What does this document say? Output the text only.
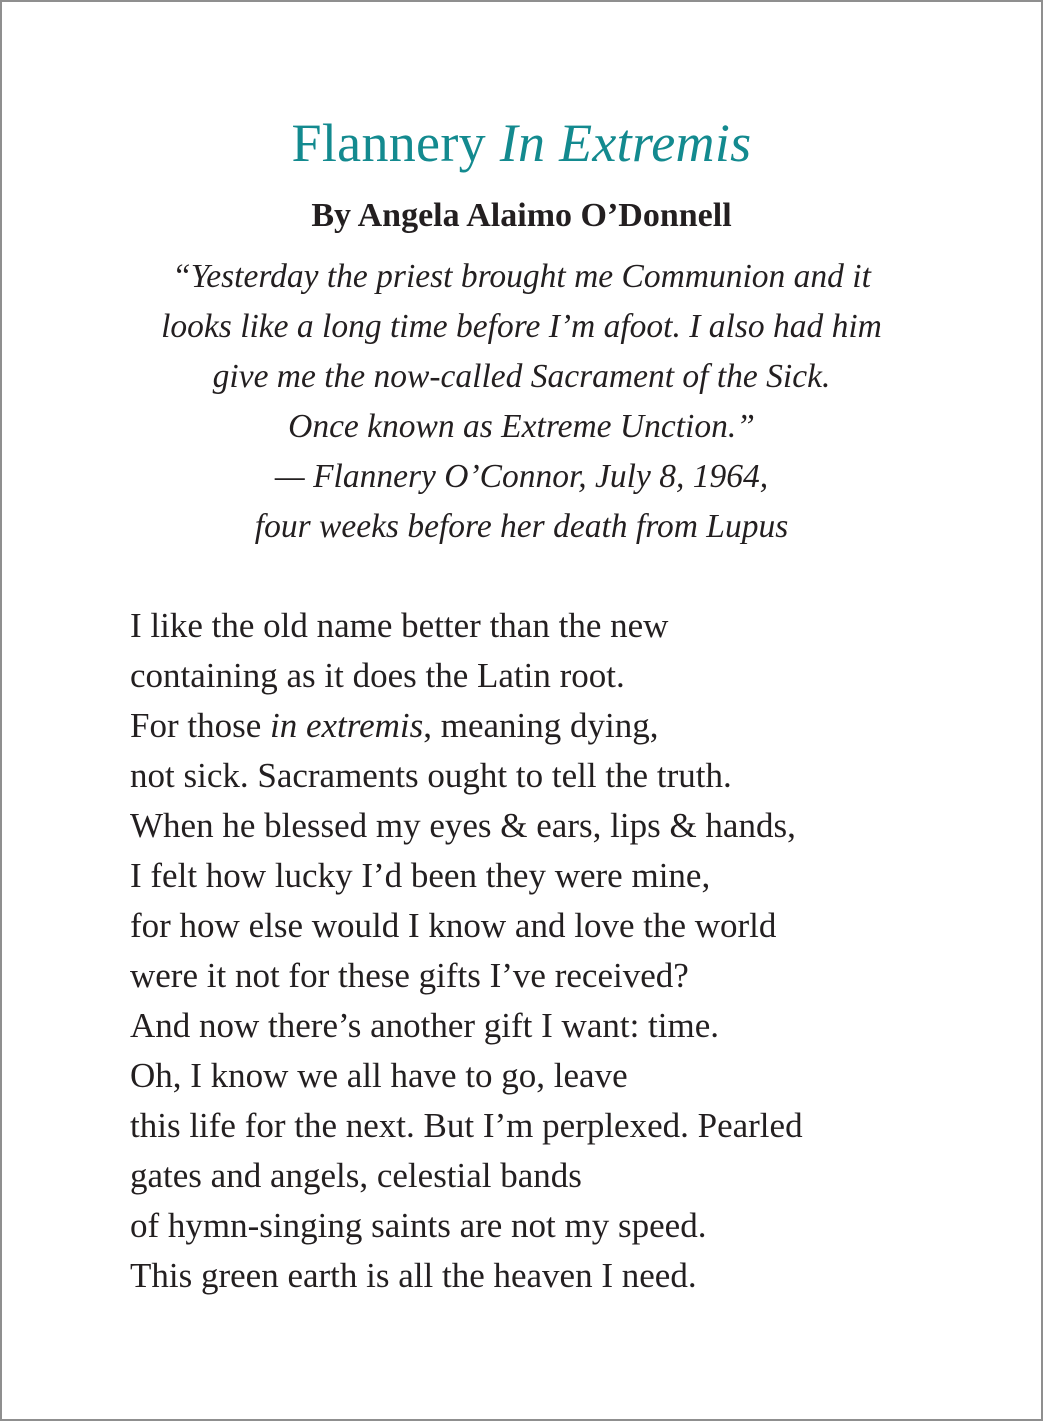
Flannery In Extremis
By Angela Alaimo O’Donnell
“Yesterday the priest brought me Communion and it
looks like a long time before I’m afoot. I also had him
give me the now-called Sacrament of the Sick.
Once known as Extreme Unction.”
— Flannery O’Connor, July 8, 1964,
four weeks before her death from Lupus
I like the old name better than the new
containing as it does the Latin root.
For those in extremis, meaning dying,
not sick. Sacraments ought to tell the truth.
When he blessed my eyes & ears, lips & hands,
I felt how lucky I’d been they were mine,
for how else would I know and love the world
were it not for these gifts I’ve received?
And now there’s another gift I want: time.
Oh, I know we all have to go, leave
this life for the next. But I’m perplexed. Pearled
gates and angels, celestial bands
of hymn-singing saints are not my speed.
This green earth is all the heaven I need.
